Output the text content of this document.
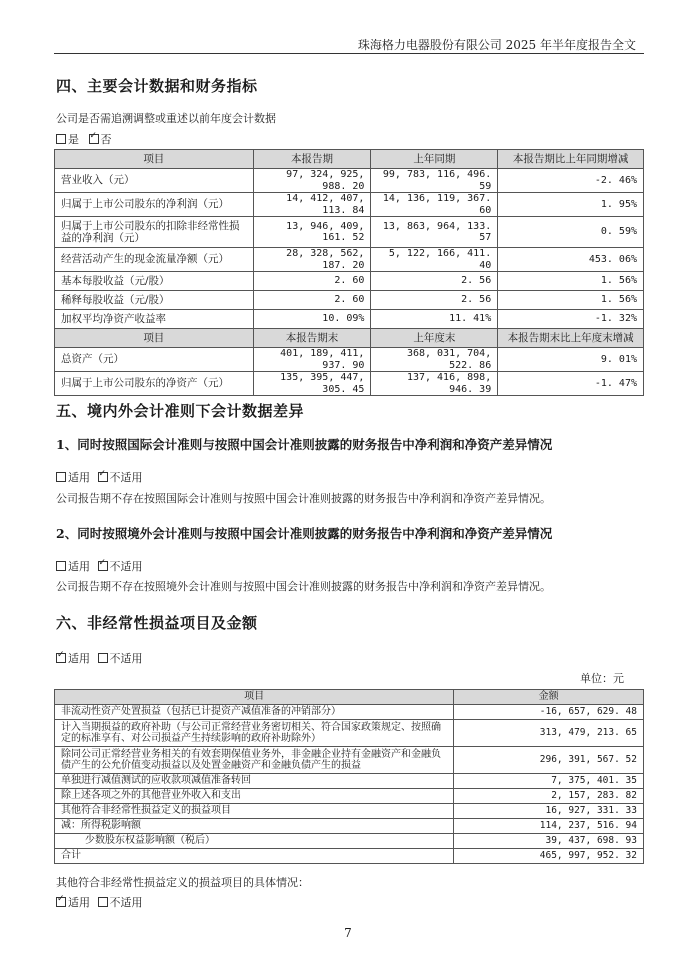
珠海格力电器股份有限公司 2025 年半年度报告全文
四、主要会计数据和财务指标
公司是否需追溯调整或重述以前年度会计数据
是 ✓ 否
项目	本报告期	上年同期	本报告期比上年同期增减
营业收入（元）	97, 324, 925, 988. 20	99, 783, 116, 496. 59	-2. 46%
归属于上市公司股东的净利润（元）	14, 412, 407, 113. 84	14, 136, 119, 367. 60	1. 95%
归属于上市公司股东的扣除非经常性损益的净利润（元）	13, 946, 409, 161. 52	13, 863, 964, 133. 57	0. 59%
经营活动产生的现金流量净额（元）	28, 328, 562, 187. 20	5, 122, 166, 411. 40	453. 06%
基本每股收益（元/股）	2. 60	2. 56	1. 56%
稀释每股收益（元/股）	2. 60	2. 56	1. 56%
加权平均净资产收益率	10. 09%	11. 41%	-1. 32%
项目	本报告期末	上年度末	本报告期末比上年度末增减
总资产（元）	401, 189, 411, 937. 90	368, 031, 704, 522. 86	9. 01%
归属于上市公司股东的净资产（元）	135, 395, 447, 305. 45	137, 416, 898, 946. 39	-1. 47%
五、境内外会计准则下会计数据差异
1、同时按照国际会计准则与按照中国会计准则披露的财务报告中净利润和净资产差异情况
适用 ✓ 不适用
公司报告期不存在按照国际会计准则与按照中国会计准则披露的财务报告中净利润和净资产差异情况。
2、同时按照境外会计准则与按照中国会计准则披露的财务报告中净利润和净资产差异情况
适用 ✓ 不适用
公司报告期不存在按照境外会计准则与按照中国会计准则披露的财务报告中净利润和净资产差异情况。
六、非经常性损益项目及金额
✓适用 不适用
单位：元
项目	金额
非流动性资产处置损益（包括已计提资产减值准备的冲销部分）	-16, 657, 629. 48
计入当期损益的政府补助（与公司正常经营业务密切相关、符合国家政策规定、按照确定的标准享有、对公司损益产生持续影响的政府补助除外）	313, 479, 213. 65
除同公司正常经营业务相关的有效套期保值业务外，非金融企业持有金融资产和金融负债产生的公允价值变动损益以及处置金融资产和金融负债产生的损益	296, 391, 567. 52
单独进行减值测试的应收款项减值准备转回	7, 375, 401. 35
除上述各项之外的其他营业外收入和支出	2, 157, 283. 82
其他符合非经常性损益定义的损益项目	16, 927, 331. 33
减：所得税影响额	114, 237, 516. 94
少数股东权益影响额（税后）	39, 437, 698. 93
合计	465, 997, 952. 32
其他符合非经常性损益定义的损益项目的具体情况：
✓适用 不适用
7
